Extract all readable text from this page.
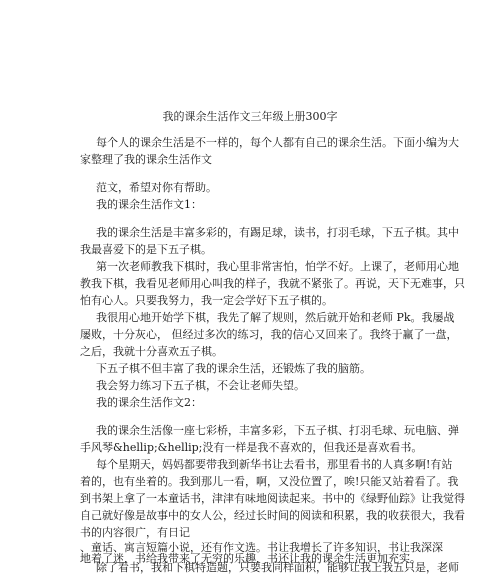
我的课余生活作文三年级上册300字
每个人的课余生活是不一样的，每个人都有自己的课余生活。下面小编为大
家整理了我的课余生活作文
范文，希望对你有帮助。
我的课余生活作文1：
我的课余生活是丰富多彩的，有踢足球，读书，打羽毛球，下五子棋。其中
我最喜爱下的是下五子棋。
第一次老师教我下棋时，我心里非常害怕，怕学不好。上课了，老师用心地
教我下棋，我看见老师用心叫我的样子，我就不紧张了。再说，天下无难事，只
怕有心人。只要我努力，我一定会学好下五子棋的。
我很用心地开始学下棋，我先了解了规则，然后就开始和老师 Pk。我屡战
屡败，十分灰心， 但经过多次的练习，我的信心又回来了。我终于赢了一盘，
之后，我就十分喜欢五子棋。
下五子棋不但丰富了我的课余生活，还锻炼了我的脑筋。
我会努力练习下五子棋，不会让老师失望。
我的课余生活作文2：
我的课余生活像一座七彩桥，丰富多彩，下五子棋、打羽毛球、玩电脑、弹
手风琴&hellip;&hellip;没有一样是我不喜欢的，但我还是喜欢看书。
每个星期天，妈妈都要带我到新华书让去看书，那里看书的人真多啊!有站
着的，也有坐着的。我到那儿一看，啊，又没位置了，唉!只能又站着看了。我
到书架上拿了一本童话书，津津有味地阅读起来。书中的《绿野仙踪》让我觉得
自己就好像是故事中的女人公，经过长时间的阅读和积累，我的收获很大，我看
书的内容很广，有日记
、童话、寓言短篇小说，还有作文选。书让我增长了许多知识，书让我深深
地着了迷，书给我带来了无穷的乐趣，书还让我的课余生活更加充实。
除了看书，我和下棋特造题，只要我同样面积，能够让我上我五只是，老师
